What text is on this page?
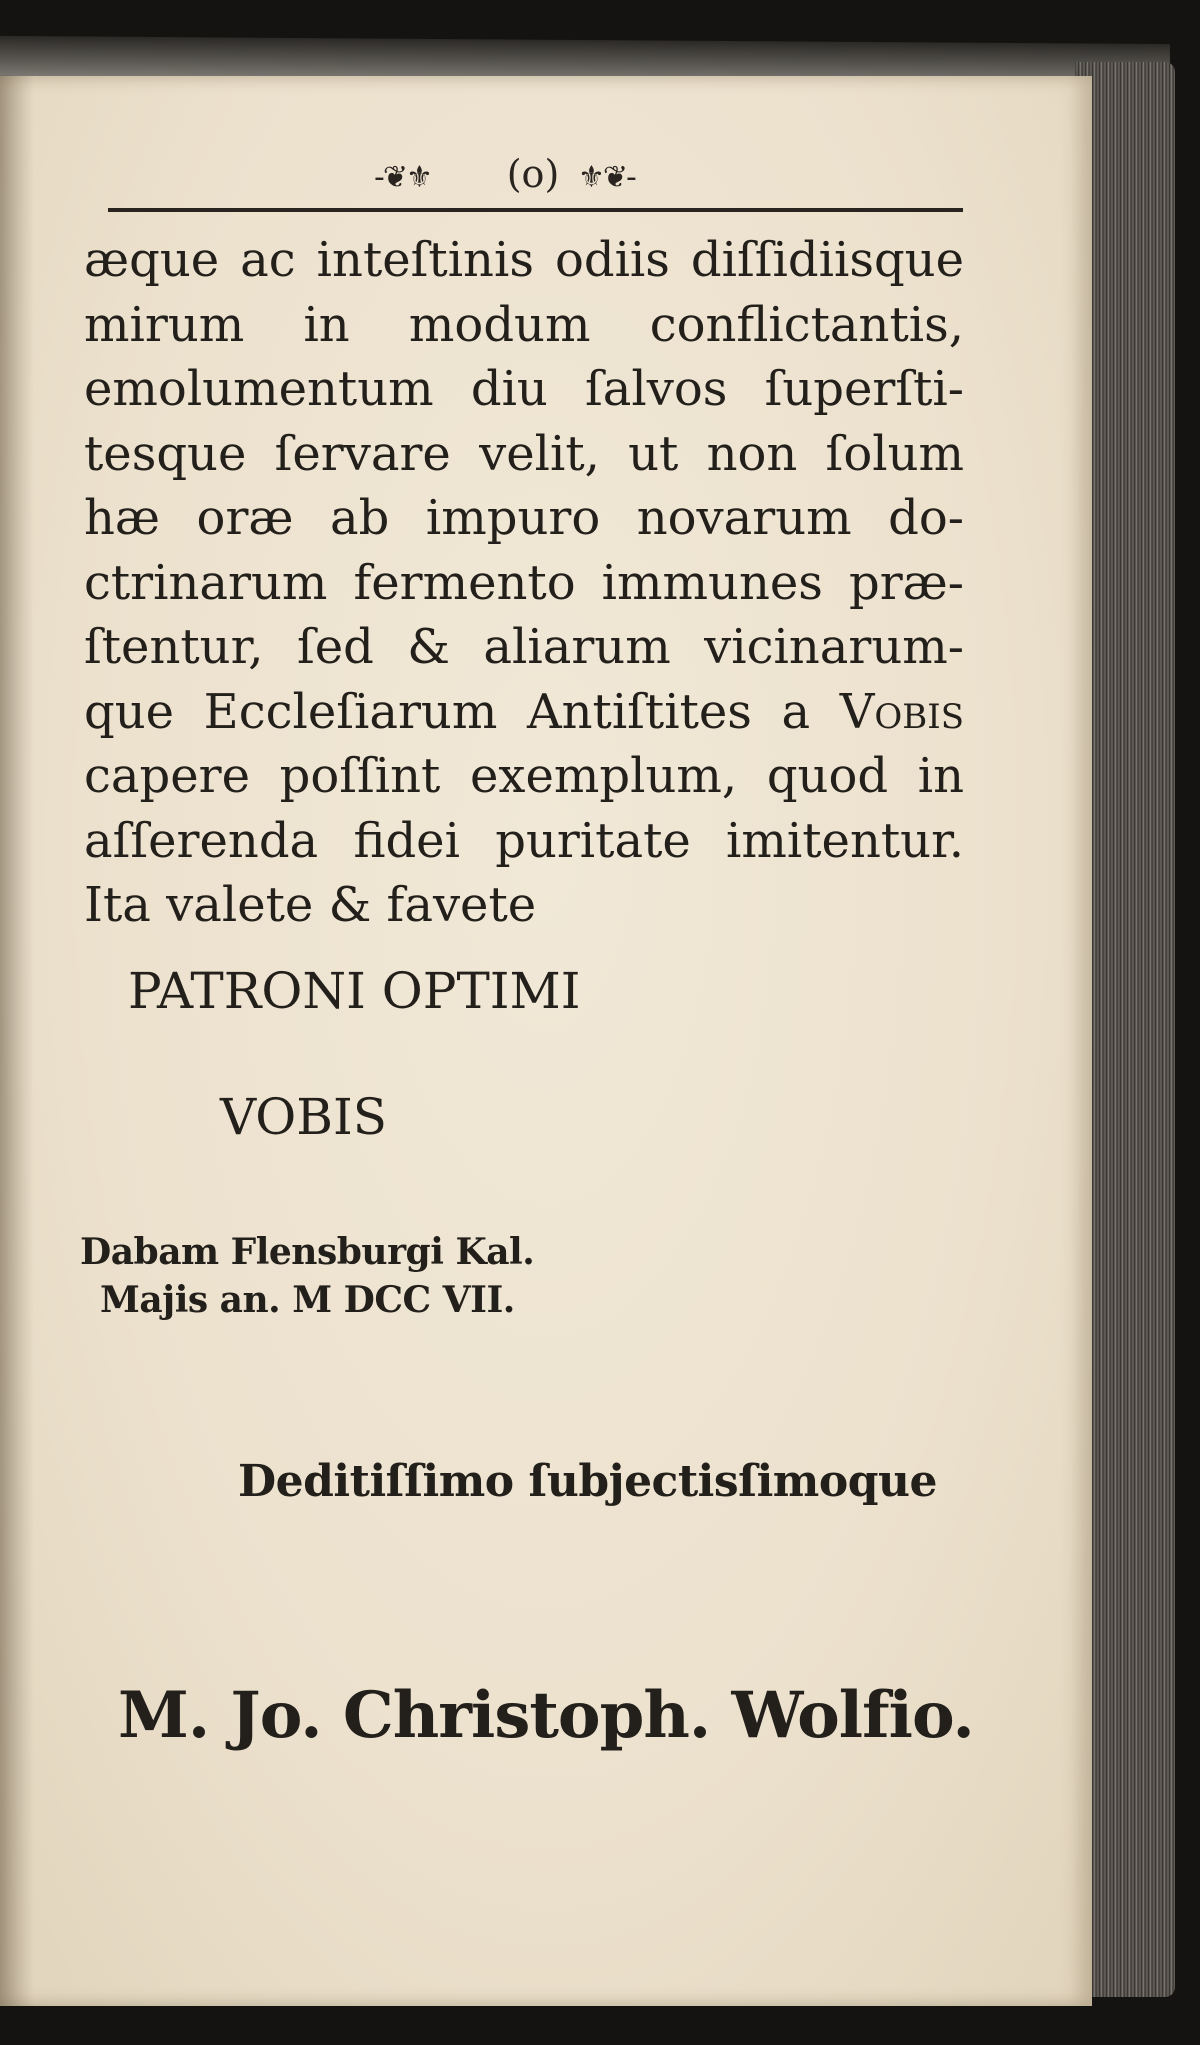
-❦⚜	(o) ⚜❦-
æque ac inteſtinis odiis diſſidiisque
mirum in modum conflictantis,
emolumentum diu ſalvos ſuperſti-
tesque ſervare velit, ut non ſolum
hæ oræ ab impuro novarum do-
ctrinarum fermento immunes præ-
ſtentur, ſed & aliarum vicinarum-
que Eccleſiarum Antiſtites a Vobis
capere poſſint exemplum, quod in
aſſerenda fidei puritate imitentur.
Ita valete & favete
PATRONI OPTIMI
VOBIS
Dabam Flensburgi Kal.
Majis an. M DCC VII.
Deditiſſimo ſubjectisſimoque
M. Jo. Christoph. Wolfio.
